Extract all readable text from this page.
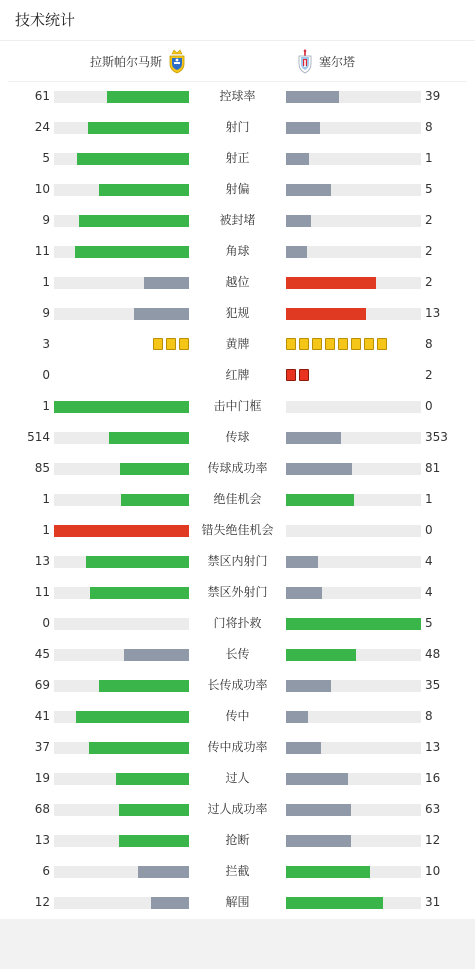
技术统计
拉斯帕尔马斯	塞尔塔
61	控球率	39
24	射门	8
5	射正	1
10	射偏	5
9	被封堵	2
11	角球	2
1	越位	2
9	犯规	13
3	黄牌	8
0	红牌	2
1	击中门框	0
514	传球	353
85	传球成功率	81
1	绝佳机会	1
1	错失绝佳机会	0
13	禁区内射门	4
11	禁区外射门	4
0	门将扑救	5
45	长传	48
69	长传成功率	35
41	传中	8
37	传中成功率	13
19	过人	16
68	过人成功率	63
13	抢断	12
6	拦截	10
12	解围	31
